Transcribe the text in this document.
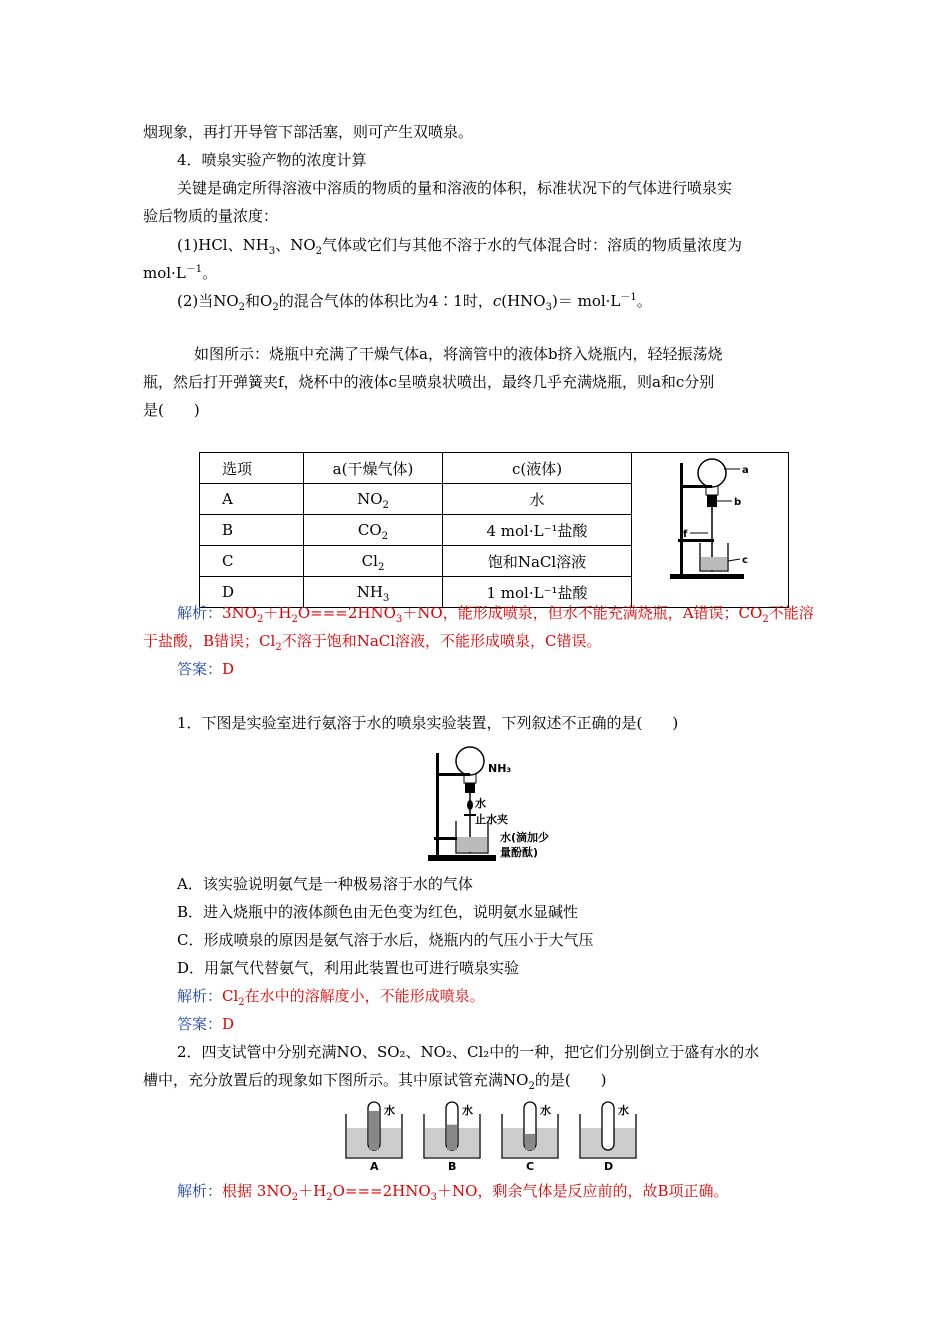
烟现象，再打开导管下部活塞，则可产生双喷泉。
4．喷泉实验产物的浓度计算
关键是确定所得溶液中溶质的物质的量和溶液的体积，标准状况下的气体进行喷泉实
验后物质的量浓度：
(1)HCl、$NH_3$、$NO_2$气体或它们与其他不溶于水的气体混合时：溶质的物质量浓度为
$mol\cdot L^{-1}$。
(2)当$NO_2$和$O_2$的混合气体的体积比为4∶1时，$c(HNO_3)= mol\cdot L^{-1}$。
如图所示：烧瓶中充满了干燥气体a，将滴管中的液体b挤入烧瓶内，轻轻振荡烧
瓶，然后打开弹簧夹f，烧杯中的液体c呈喷泉状喷出，最终几乎充满烧瓶，则a和c分别
是(　　)
选项	a(干燥气体)	c(液体)	a
b
f
c

A	$NO_2$	水	
B	$CO_2$	4 mol·L⁻¹盐酸	
C	$Cl_2$	饱和NaCl溶液	
D	$NH_3$	1 mol·L⁻¹盐酸	
解析：$3NO_2+H_2O===2HNO_3+NO$，能形成喷泉，但水不能充满烧瓶，A错误；$CO_2$不能溶
于盐酸，B错误；$Cl_2$不溶于饱和NaCl溶液，不能形成喷泉，C错误。
答案：D
1．下图是实验室进行氨溶于水的喷泉实验装置，下列叙述不正确的是(　　)
NH₃
水
止水夹
水(滴加少
量酚酞)
A．该实验说明氨气是一种极易溶于水的气体
B．进入烧瓶中的液体颜色由无色变为红色，说明氨水显碱性
C．形成喷泉的原因是氨气溶于水后，烧瓶内的气压小于大气压
D．用氯气代替氨气，利用此装置也可进行喷泉实验
解析：$Cl_2$在水中的溶解度小，不能形成喷泉。
答案：D
2．四支试管中分别充满NO、SO₂、NO₂、Cl₂中的一种，把它们分别倒立于盛有水的水
槽中，充分放置后的现象如下图所示。其中原试管充满$NO_2$的是(　　)
水
A
水
B
水
C
水
D
解析：根据 $3NO_2+H_2O===2HNO_3+NO$，剩余气体是反应前的，故B项正确。
